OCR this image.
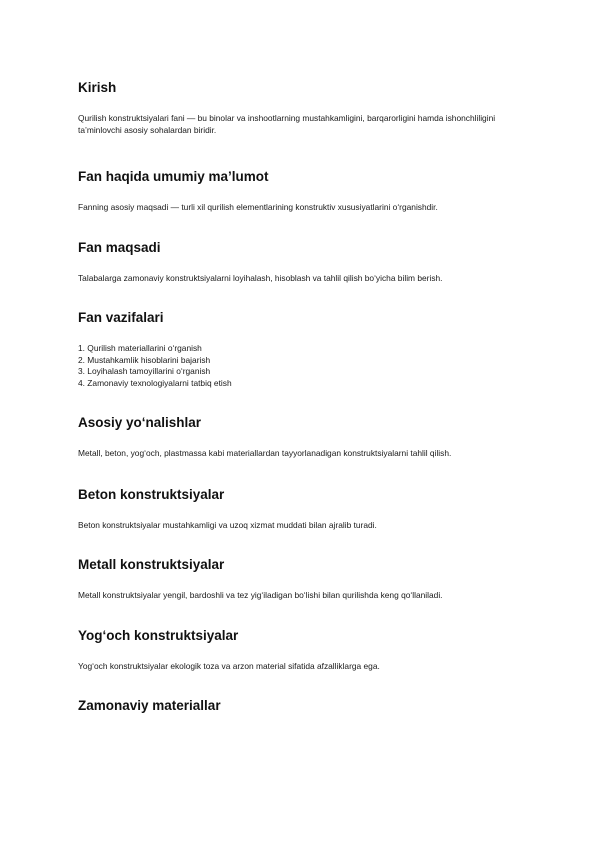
Kirish

Qurilish konstruktsiyalari fani — bu binolar va inshootlarning mustahkamligini, barqarorligini hamda ishonchliligini ta’minlovchi asosiy sohalardan biridir.

Fan haqida umumiy ma’lumot

Fanning asosiy maqsadi — turli xil qurilish elementlarining konstruktiv xususiyatlarini o‘rganishdir.

Fan maqsadi

Talabalarga zamonaviy konstruktsiyalarni loyihalash, hisoblash va tahlil qilish bo‘yicha bilim berish.

Fan vazifalari
1. Qurilish materiallarini o‘rganish
2. Mustahkamlik hisoblarini bajarish
3. Loyihalash tamoyillarini o‘rganish
4. Zamonaviy texnologiyalarni tatbiq etish
Asosiy yo‘nalishlar

Metall, beton, yog‘och, plastmassa kabi materiallardan tayyorlanadigan konstruktsiyalarni tahlil qilish.

Beton konstruktsiyalar

Beton konstruktsiyalar mustahkamligi va uzoq xizmat muddati bilan ajralib turadi.

Metall konstruktsiyalar

Metall konstruktsiyalar yengil, bardoshli va tez yig‘iladigan bo‘lishi bilan qurilishda keng qo‘llaniladi.

Yog‘och konstruktsiyalar

Yog‘och konstruktsiyalar ekologik toza va arzon material sifatida afzalliklarga ega.

Zamonaviy materiallar
